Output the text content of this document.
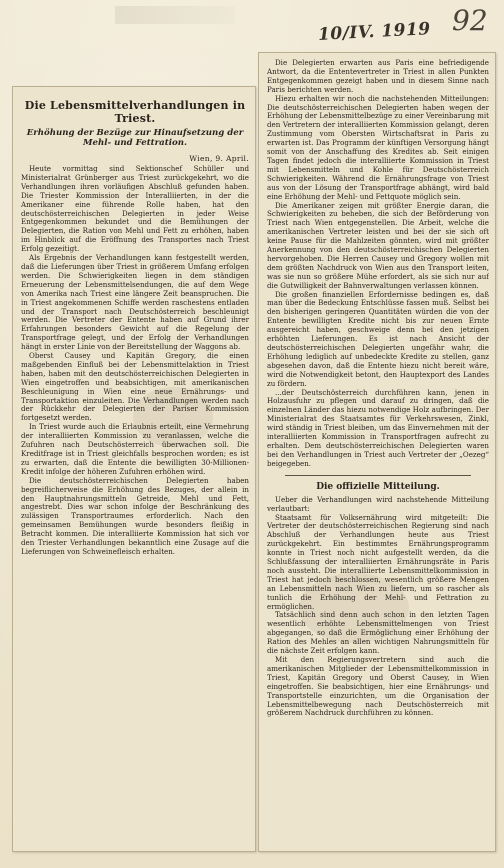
10/IV. 1919 92
Die Lebensmittelverhandlungen in Triest.
Erhöhung der Bezüge zur Hinaufsetzung der Mehl- und Fettration.
Wien, 9. April.

Heute vormittag sind Sektionschef Schüller und Ministerialrat Grünberger aus Triest zurückgekehrt, wo die Verhandlungen ihren vorläufigen Abschluß gefunden haben. Die Triester Kommission der Interalliierten, in der die Amerikaner eine führende Rolle haben, hat den deutschösterreichischen Delegierten in jeder Weise Entgegenkommen bekundet und die Bemühungen der Delegierten, die Ration von Mehl und Fett zu erhöhen, haben im Hinblick auf die Eröffnung des Transportes nach Triest Erfolg gezeitigt.

Als Ergebnis der Verhandlungen kann festgestellt werden, daß die Lieferungen über Triest in größerem Umfang erfolgen werden. Die Schwierigkeiten liegen in dem ständigen Erneuerung der Lebensmittelsendungen, die auf dem Wege von Amerika nach Triest eine längere Zeit beanspruchen. Die in Triest angekommenen Schiffe werden raschestens entladen und der Transport nach Deutschösterreich beschleunigt werden. Die Vertreter der Entente haben auf Grund ihrer Erfahrungen besonders Gewicht auf die Regelung der Transportfrage gelegt, und der Erfolg der Verhandlungen hängt in erster Linie von der Bereitstellung der Waggons ab.

Oberst Causey und Kapitän Gregory, die einen maßgebenden Einfluß bei der Lebensmittelaktion in Triest haben, haben mit den deutschösterreichischen Delegierten in Wien eingetroffen und beabsichtigen, mit amerikanischen Beschleunigung in Wien eine neue Ernährungs- und Transportaktion einzuleiten. Die Verhandlungen werden nach der Rückkehr der Delegierten der Pariser Kommission fortgesetzt werden.

In Triest wurde auch die Erlaubnis erteilt, eine Vermehrung der interalliierten Kommission zu veranlassen, welche die Zufuhren nach Deutschösterreich überwachen soll. Die Kreditfrage ist in Triest gleichfalls besprochen worden; es ist zu erwarten, daß die Entente die bewilligten 30-Millionen-Kredit infolge der höheren Zufuhren erhöhen wird.

Die deutschösterreichischen Delegierten haben begreiflicherweise die Erhöhung des Bezuges, der allein in den Hauptnahrungsmitteln Getreide, Mehl und Fett, angestrebt. Dies war schon infolge der Beschränkung des zulässigen Transportraumes erforderlich. Nach den gemeinsamen Bemühungen wurde besonders fleißig in Betracht kommen. Die interalliierte Kommission hat sich vor den Triester Verhandlungen bekanntlich eine Zusage auf die Lieferungen von Schweinefleisch erhalten.

Die Delegierten erwarten aus Paris eine befriedigende Antwort, da die Ententevertreter in Triest in allen Punkten Entgegenkommen gezeigt haben und in diesem Sinne nach Paris berichten werden.

Hiezu erhalten wir noch die nachstehenden Mitteilungen: Die deutschösterreichischen Delegierten haben wegen der Erhöhung der Lebensmittelbezüge zu einer Vereinbarung mit den Vertretern der interalliierten Kommission gelangt, deren Zustimmung vom Obersten Wirtschaftsrat in Paris zu erwarten ist. Das Programm der künftigen Versorgung hängt somit von der Anschaffung des Kredites ab. Seit einigen Tagen findet jedoch die interalliierte Kommission in Triest mit Lebensmitteln und Kohle für Deutschösterreich Schwierigkeiten. Während die Ernährungsfrage von Triest aus von der Lösung der Transportfrage abhängt, wird bald eine Erhöhung der Mehl- und Fettquote möglich sein.

Die Amerikaner zeigen mit größter Energie daran, die Schwierigkeiten zu beheben, die sich der Beförderung von Triest nach Wien entgegenstellen. Die Arbeit, welche die amerikanischen Vertreter leisten und bei der sie sich oft keine Pause für die Mahlzeiten gönnten, wird mit größter Anerkennung von den deutschösterreichischen Delegierten hervorgehoben. Die Herren Causey und Gregory wollen mit dem größten Nachdruck von Wien aus den Transport leiten, was sie nun so größere Mühe erfordert, als sie sich nur auf die Gutwilligkeit der Bahnverwaltungen verlassen können.

Die großen finanziellen Erfordernisse bedingen es, daß man über die Bedeckung Entschlüsse fassen muß. Selbst bei den bisherigen geringeren Quantitäten würden die von der Entente bewilligten Kredite nicht bis zur neuen Ernte ausgereicht haben, geschweige denn bei den jetzigen erhöhten Lieferungen. Es ist nach Ansicht der deutschösterreichischen Delegierten ungefähr wahr, die Erhöhung lediglich auf unbedeckte Kredite zu stellen, ganz abgesehen davon, daß die Entente hiezu nicht bereit wäre, wird die Notwendigkeit betont, den Hauptexport des Landes zu fördern.

...der Deutschösterreich durchführen kann, jenen in Holzausfuhr zu pflegen und darauf zu dringen, daß die einzelnen Länder das hiezu notwendige Holz aufbringen. Der Ministerialrat des Staatsamtes für Verkehrswesen, Zinkl, wird ständig in Triest bleiben, um das Einvernehmen mit der interalliierten Kommission in Transportfragen aufrecht zu erhalten. Dem deutschösterreichischen Delegierten waren bei den Verhandlungen in Triest auch Vertreter der „Oezeg“ beigegeben.

Die offizielle Mitteilung.

Ueber die Verhandlungen wird nachstehende Mitteilung verlautbart:

Staatsamt für Volksernährung wird mitgeteilt: Die Vertreter der deutschösterreichischen Regierung sind nach Abschluß der Verhandlungen heute aus Triest zurückgekehrt. Ein bestimmtes Ernährungsprogramm konnte in Triest noch nicht aufgestellt werden, da die Schlußfassung der interalliierten Ernährungsräte in Paris noch aussteht. Die interalliierte Lebensmittelkommission in Triest hat jedoch beschlossen, wesentlich größere Mengen an Lebensmitteln nach Wien zu liefern, um so rascher als tunlich die Erhöhung der Mehl- und Fettration zu ermöglichen.

Tatsächlich sind denn auch schon in den letzten Tagen wesentlich erhöhte Lebensmittelmengen von Triest abgegangen, so daß die Ermöglichung einer Erhöhung der Ration des Mehles an allen wichtigen Nahrungsmitteln für die nächste Zeit erfolgen kann.

Mit den Regierungsvertretern sind auch die amerikanischen Mitglieder der Lebensmittelkommission in Triest, Kapitän Gregory und Oberst Causey, in Wien eingetroffen. Sie beabsichtigen, hier eine Ernährungs- und Transportstelle einzurichten, um die Organisation der Lebensmittelbewegung nach Deutschösterreich mit größerem Nachdruck durchführen zu können.
